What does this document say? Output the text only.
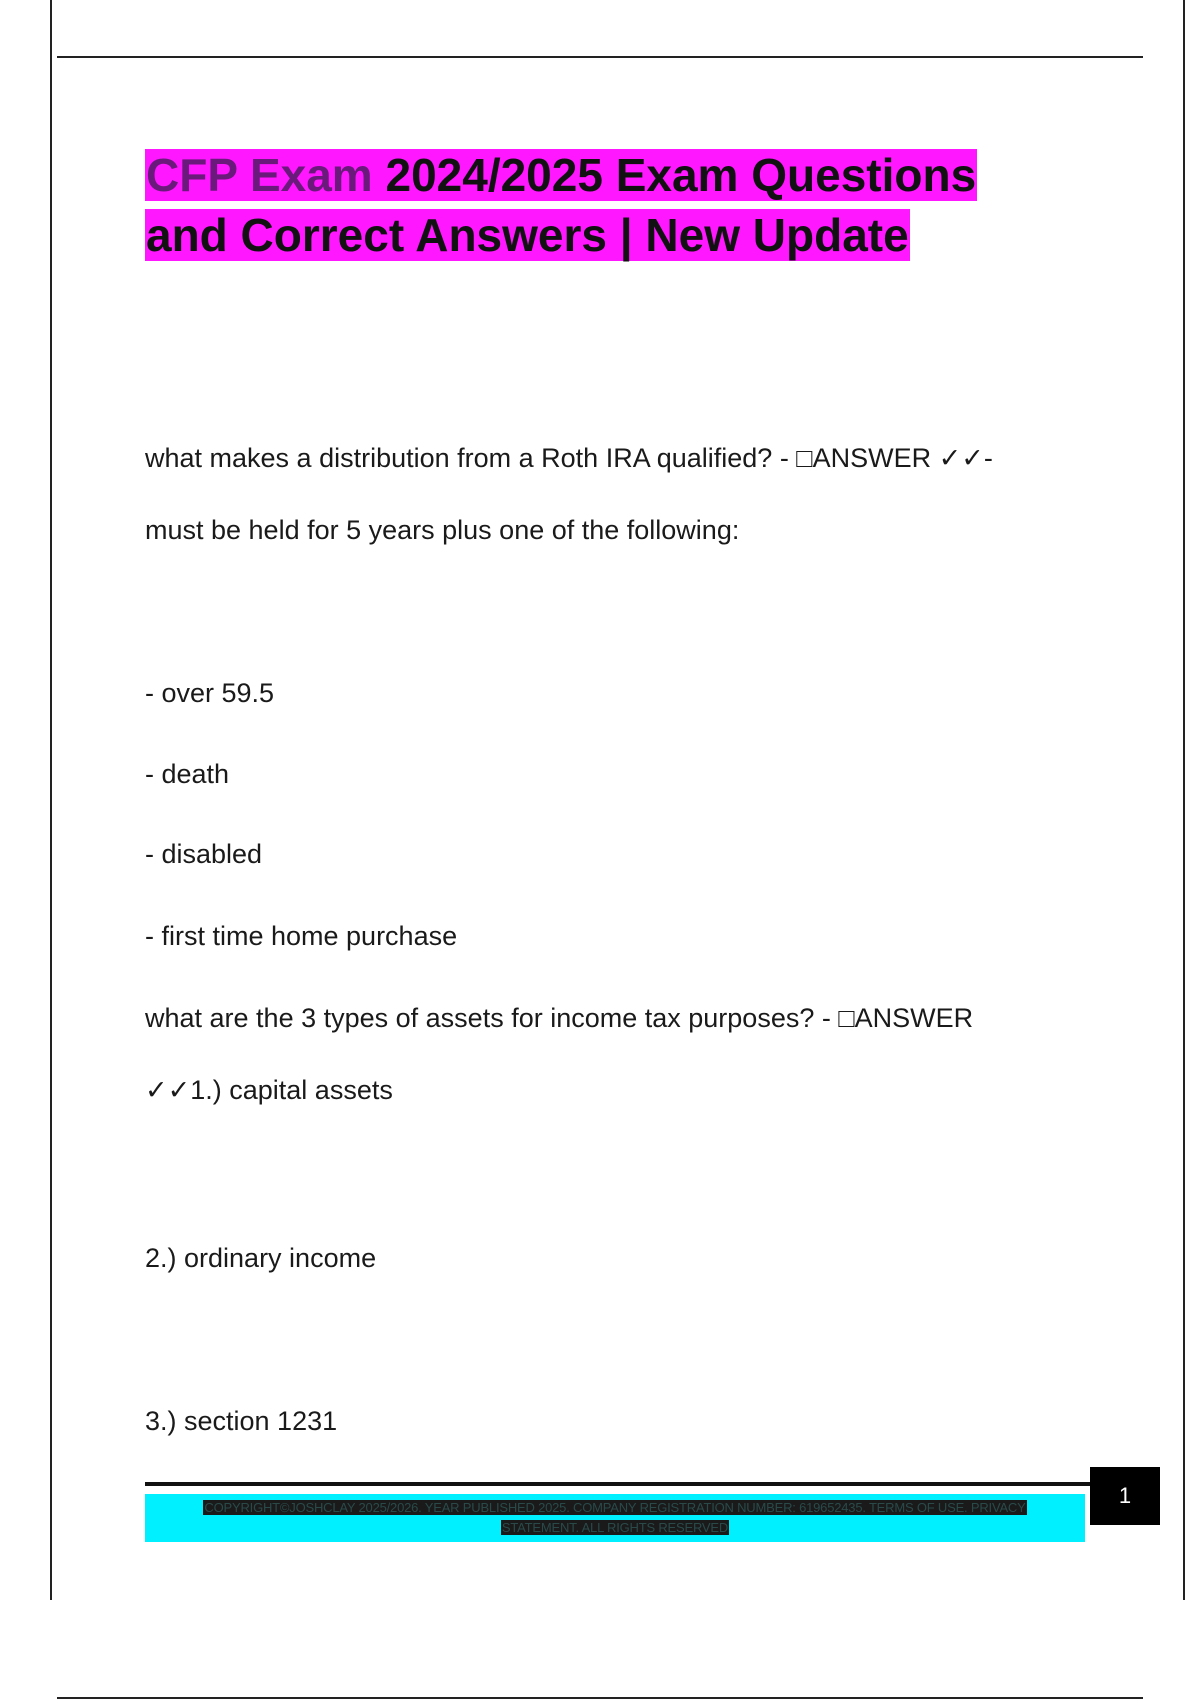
CFP Exam 2024/2025 Exam Questions
and Correct Answers | New Update
what makes a distribution from a Roth IRA qualified? - □ANSWER ✓✓-
must be held for 5 years plus one of the following:
- over 59.5
- death
- disabled
- first time home purchase
what are the 3 types of assets for income tax purposes? - □ANSWER
✓✓1.) capital assets
2.) ordinary income
3.) section 1231
1
COPYRIGHT©JOSHCLAY 2025/2026. YEAR PUBLISHED 2025. COMPANY REGISTRATION NUMBER: 619652435. TERMS OF USE. PRIVACY
STATEMENT. ALL RIGHTS RESERVED
